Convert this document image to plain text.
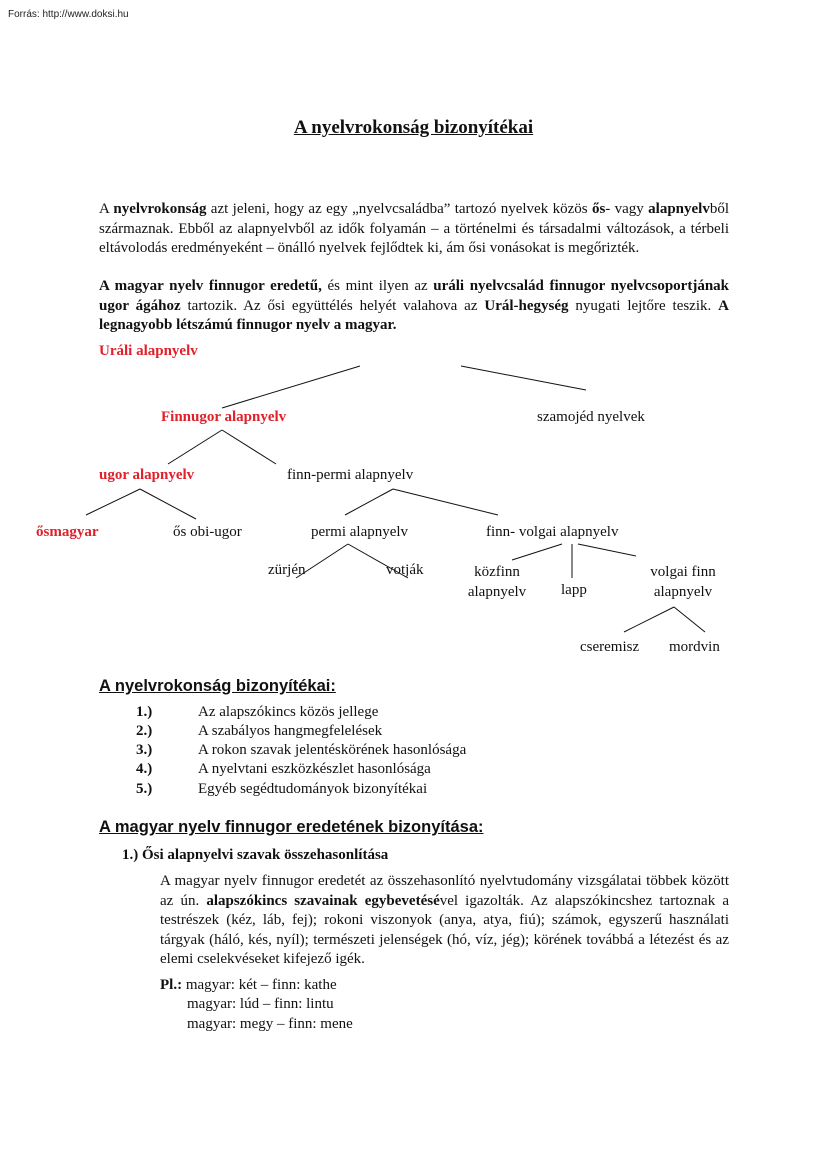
Forrás: http://www.doksi.hu
A nyelvrokonság bizonyítékai
A nyelvrokonság azt jeleni, hogy az egy „nyelvcsaládba” tartozó nyelvek közös ős- vagy alapnyelvből származnak. Ebből az alapnyelvből az idők folyamán – a történelmi és társadalmi változások, a térbeli eltávolodás eredményeként – önálló nyelvek fejlődtek ki, ám ősi vonásokat is megőrizték.
A magyar nyelv finnugor eredetű, és mint ilyen az uráli nyelvcsalád finnugor nyelvcsoportjának ugor ágához tartozik. Az ősi együttélés helyét valahova az Urál-hegység nyugati lejtőre teszik. A legnagyobb létszámú finnugor nyelv a magyar.
Uráli alapnyelv
Finnugor alapnyelv	szamojéd nyelvek
ugor alapnyelv	finn-permi alapnyelv
ősmagyar	ős obi-ugor	permi alapnyelv	finn- volgai alapnyelv
zürjén	votják	közfinn
alapnyelv	lapp
volgai finn
alapnyelv
cseremisz mordvin
A nyelvrokonság bizonyítékai:
1.)	Az alapszókincs közös jellege
2.)	A szabályos hangmegfelelések
3.)	A rokon szavak jelentéskörének hasonlósága
4.)	A nyelvtani eszközkészlet hasonlósága
5.)	Egyéb segédtudományok bizonyítékai
A magyar nyelv finnugor eredetének bizonyítása:
1.) Ősi alapnyelvi szavak összehasonlítása
A magyar nyelv finnugor eredetét az összehasonlító nyelvtudomány vizsgálatai többek között az ún. alapszókincs szavainak egybevetésével igazolták. Az alapszókincshez tartoznak a testrészek (kéz, láb, fej); rokoni viszonyok (anya, atya, fiú); számok, egyszerű használati tárgyak (háló, kés, nyíl); természeti jelenségek (hó, víz, jég); körének továbbá a létezést és az elemi cselekvéseket kifejező igék.
Pl.: magyar: két – finn: kathe
magyar: lúd – finn: lintu
magyar: megy – finn: mene
